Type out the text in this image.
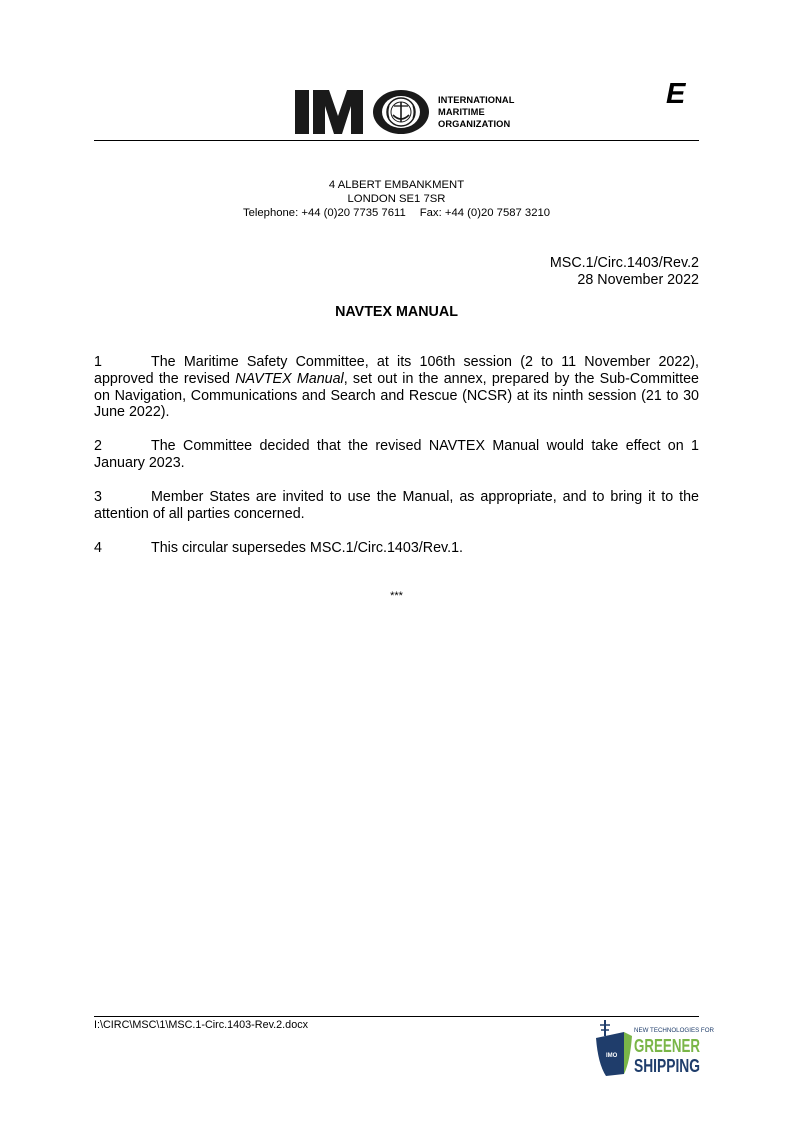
INTERNATIONAL
MARITIME
ORGANIZATION
E
4 ALBERT EMBANKMENT
LONDON SE1 7SR
Telephone: +44 (0)20 7735 7611 Fax: +44 (0)20 7587 3210
MSC.1/Circ.1403/Rev.2
28 November 2022
NAVTEX MANUAL

1	The Maritime Safety Committee, at its 106th session (2 to 11 November 2022), approved the revised NAVTEX Manual, set out in the annex, prepared by the Sub-Committee on Navigation, Communications and Search and Rescue (NCSR) at its ninth session (21 to 30 June 2022).

2	The Committee decided that the revised NAVTEX Manual would take effect on 1 January 2023.

3	Member States are invited to use the Manual, as appropriate, and to bring it to the attention of all parties concerned.

4	This circular supersedes MSC.1/Circ.1403/Rev.1.

***
I:\CIRC\MSC\1\MSC.1-Circ.1403-Rev.2.docx
IMO
NEW TECHNOLOGIES FOR
GREENER
SHIPPING
